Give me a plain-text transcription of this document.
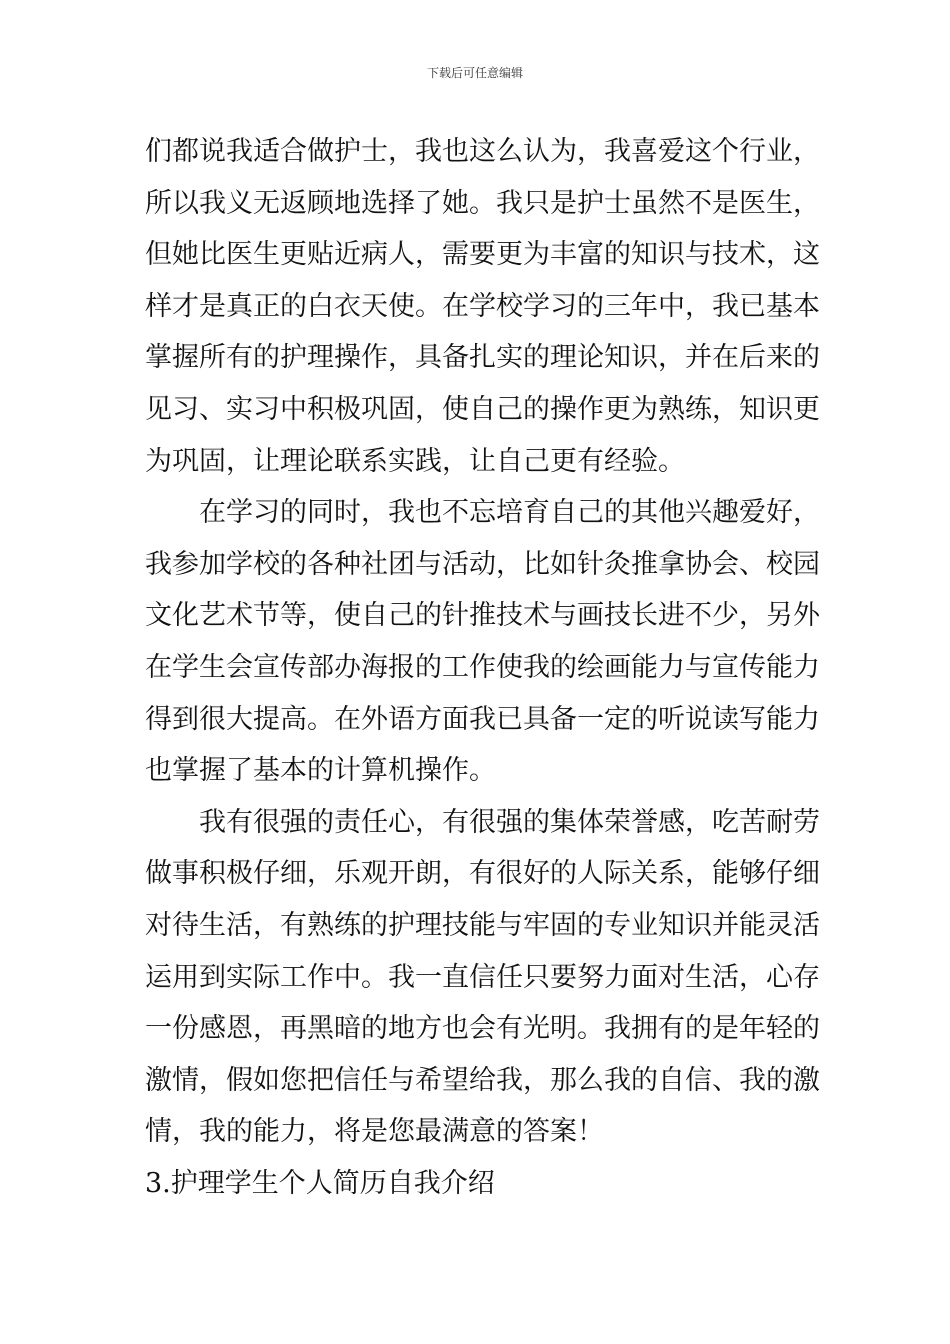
下载后可任意编辑
们都说我适合做护士，我也这么认为，我喜爱这个行业，
所以我义无返顾地选择了她。我只是护士虽然不是医生，
但她比医生更贴近病人，需要更为丰富的知识与技术，这
样才是真正的白衣天使。在学校学习的三年中，我已基本
掌握所有的护理操作，具备扎实的理论知识，并在后来的
见习、实习中积极巩固，使自己的操作更为熟练，知识更
为巩固，让理论联系实践，让自己更有经验。
在学习的同时，我也不忘培育自己的其他兴趣爱好，
我参加学校的各种社团与活动，比如针灸推拿协会、校园
文化艺术节等，使自己的针推技术与画技长进不少，另外
在学生会宣传部办海报的工作使我的绘画能力与宣传能力
得到很大提高。在外语方面我已具备一定的听说读写能力
也掌握了基本的计算机操作。
我有很强的责任心，有很强的集体荣誉感，吃苦耐劳
做事积极仔细，乐观开朗，有很好的人际关系，能够仔细
对待生活，有熟练的护理技能与牢固的专业知识并能灵活
运用到实际工作中。我一直信任只要努力面对生活，心存
一份感恩，再黑暗的地方也会有光明。我拥有的是年轻的
激情，假如您把信任与希望给我，那么我的自信、我的激
情，我的能力，将是您最满意的答案！
3.护理学生个人简历自我介绍
